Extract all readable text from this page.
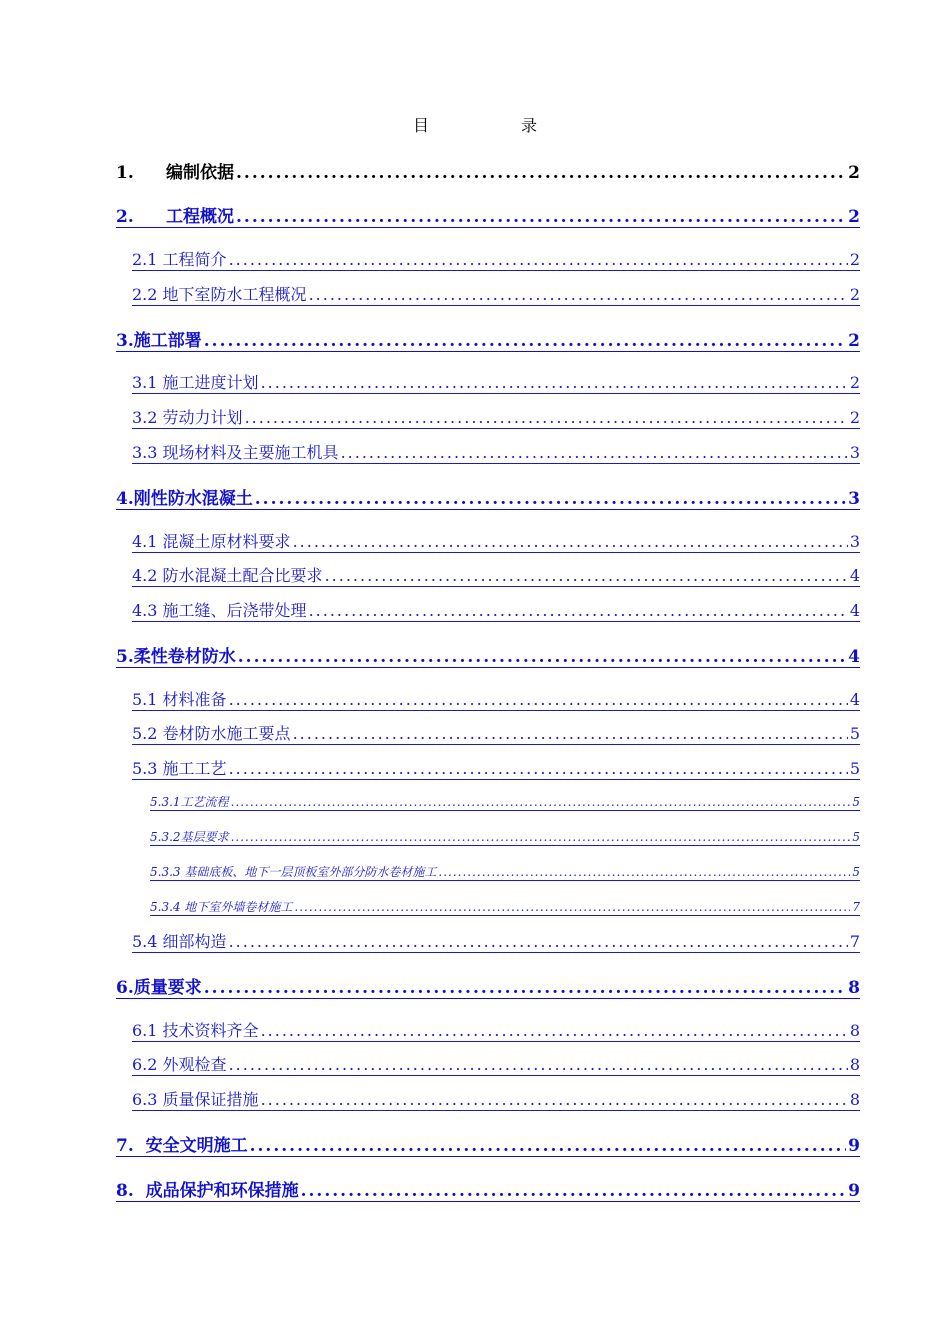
目	录
1. 编制依据 .....	2
2. 工程概况 .....	2
2.1 工程简介 .....	2
2.2 地下室防水工程概况 .....	2
3.施工部署 .....	2
3.1 施工进度计划 .....	2
3.2 劳动力计划 .....	2
3.3 现场材料及主要施工机具 .....	3
4.刚性防水混凝土 .....	3
4.1 混凝土原材料要求 .....	3
4.2 防水混凝土配合比要求 .....	4
4.3 施工缝、后浇带处理 .....	4
5.柔性卷材防水 .....	4
5.1 材料准备 .....	4
5.2 卷材防水施工要点 .....	5
5.3 施工工艺 .....	5
5.3.1工艺流程 .....	5
5.3.2基层要求 .....	5
5.3.3 基础底板、地下一层顶板室外部分防水卷材施工 .....	5
5.3.4 地下室外墙卷材施工 .....	7
5.4 细部构造 .....	7
6.质量要求 .....	8
6.1 技术资料齐全 .....	8
6.2 外观检查 .....	8
6.3 质量保证措施 .....	8
7. 安全文明施工 .....	9
8. 成品保护和环保措施 .....	9
